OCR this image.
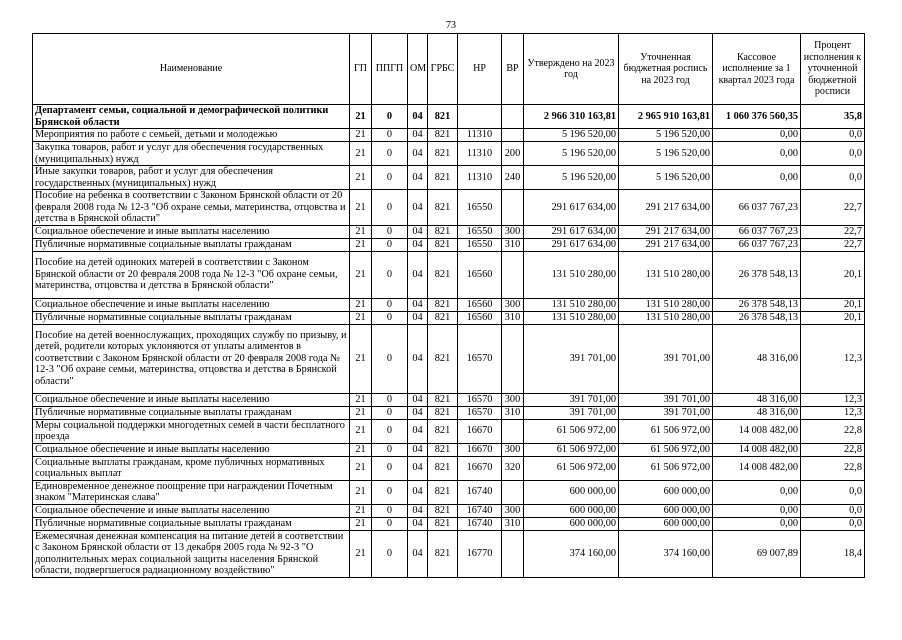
73
Наименование	ГП	ППГП	ОМ	ГРБС	НР	ВР	Утверждено на 2023 год	Уточненная бюджетная роспись на 2023 год	Кассовое исполнение за 1 квартал 2023 года	Процент исполнения к уточненной бюджетной росписи
Департамент семьи, социальной и демографической политики Брянской области	21	0	04	821			2 966 310 163,81	2 965 910 163,81	1 060 376 560,35	35,8
Мероприятия по работе с семьей, детьми и молодежью	21	0	04	821	11310		5 196 520,00	5 196 520,00	0,00	0,0
Закупка товаров, работ и услуг для обеспечения государственных (муниципальных) нужд	21	0	04	821	11310	200	5 196 520,00	5 196 520,00	0,00	0,0
Иные закупки товаров, работ и услуг для обеспечения государственных (муниципальных) нужд	21	0	04	821	11310	240	5 196 520,00	5 196 520,00	0,00	0,0
Пособие на ребенка в соответствии с Законом Брянской области от 20 февраля 2008 года № 12-3 "Об охране семьи, материнства, отцовства и детства в Брянской области"	21	0	04	821	16550		291 617 634,00	291 217 634,00	66 037 767,23	22,7
Социальное обеспечение и иные выплаты населению	21	0	04	821	16550	300	291 617 634,00	291 217 634,00	66 037 767,23	22,7
Публичные нормативные социальные выплаты гражданам	21	0	04	821	16550	310	291 617 634,00	291 217 634,00	66 037 767,23	22,7
Пособие на детей одиноких матерей в соответствии с Законом Брянской области от 20 февраля 2008 года № 12-3 "Об охране семьи, материнства, отцовства и детства в Брянской области"	21	0	04	821	16560		131 510 280,00	131 510 280,00	26 378 548,13	20,1
Социальное обеспечение и иные выплаты населению	21	0	04	821	16560	300	131 510 280,00	131 510 280,00	26 378 548,13	20,1
Публичные нормативные социальные выплаты гражданам	21	0	04	821	16560	310	131 510 280,00	131 510 280,00	26 378 548,13	20,1
Пособие на детей военнослужащих, проходящих службу по призыву, и детей, родители которых уклоняются от уплаты алиментов в соответствии с Законом Брянской области от 20 февраля 2008 года № 12-3 "Об охране семьи, материнства, отцовства и детства в Брянской области"	21	0	04	821	16570		391 701,00	391 701,00	48 316,00	12,3
Социальное обеспечение и иные выплаты населению	21	0	04	821	16570	300	391 701,00	391 701,00	48 316,00	12,3
Публичные нормативные социальные выплаты гражданам	21	0	04	821	16570	310	391 701,00	391 701,00	48 316,00	12,3
Меры социальной поддержки многодетных семей в части бесплатного проезда	21	0	04	821	16670		61 506 972,00	61 506 972,00	14 008 482,00	22,8
Социальное обеспечение и иные выплаты населению	21	0	04	821	16670	300	61 506 972,00	61 506 972,00	14 008 482,00	22,8
Социальные выплаты гражданам, кроме публичных нормативных социальных выплат	21	0	04	821	16670	320	61 506 972,00	61 506 972,00	14 008 482,00	22,8
Единовременное денежное поощрение при награждении Почетным знаком "Материнская слава"	21	0	04	821	16740		600 000,00	600 000,00	0,00	0,0
Социальное обеспечение и иные выплаты населению	21	0	04	821	16740	300	600 000,00	600 000,00	0,00	0,0
Публичные нормативные социальные выплаты гражданам	21	0	04	821	16740	310	600 000,00	600 000,00	0,00	0,0
Ежемесячная денежная компенсация на питание детей в соответствии с Законом Брянской области от 13 декабря 2005 года № 92-3 "О дополнительных мерах социальной защиты населения Брянской области, подвергшегося радиационному воздействию"	21	0	04	821	16770		374 160,00	374 160,00	69 007,89	18,4
